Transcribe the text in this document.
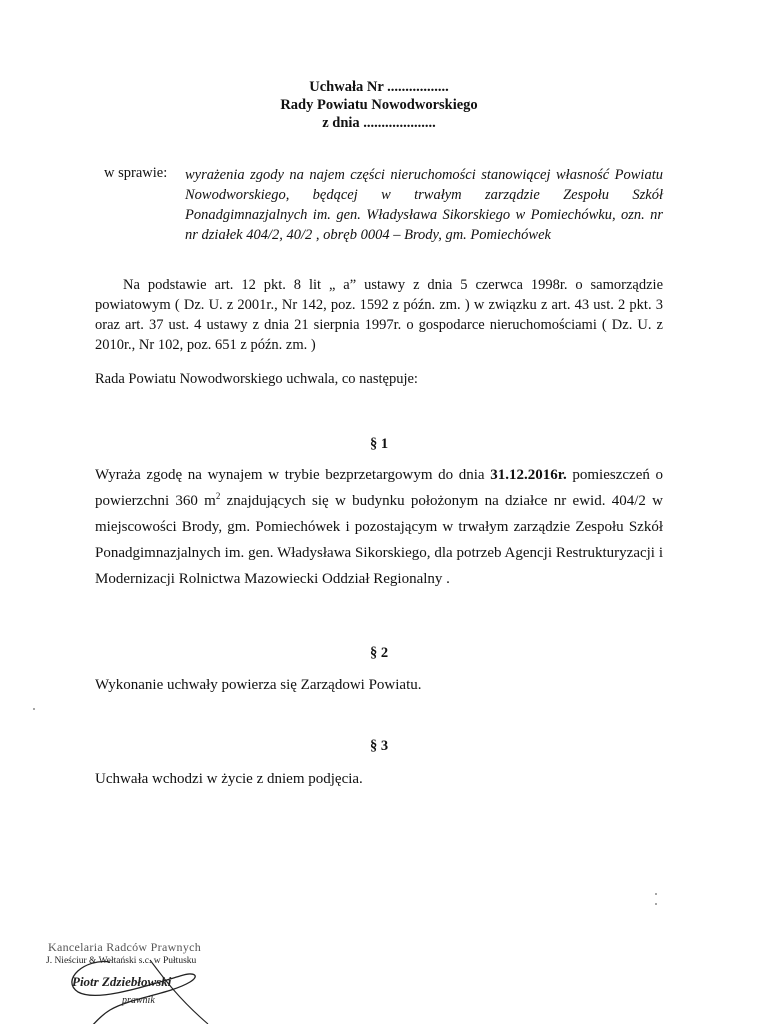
Uchwała Nr .................
Rady Powiatu Nowodworskiego
z dnia ....................
w sprawie: wyrażenia zgody na najem części nieruchomości stanowiącej własność Powiatu Nowodworskiego, będącej w trwałym zarządzie Zespołu Szkół Ponadgimnazjalnych im. gen. Władysława Sikorskiego w Pomiechówku, ozn. nr nr działek 404/2, 40/2 , obręb 0004 – Brody, gm. Pomiechówek
Na podstawie art. 12 pkt. 8 lit „ a” ustawy z dnia 5 czerwca 1998r. o samorządzie powiatowym ( Dz. U. z 2001r., Nr 142, poz. 1592 z późn. zm. ) w związku z art. 43 ust. 2 pkt. 3 oraz art. 37 ust. 4 ustawy z dnia 21 sierpnia 1997r. o gospodarce nieruchomościami ( Dz. U. z 2010r., Nr 102, poz. 651 z późn. zm. )
Rada Powiatu Nowodworskiego uchwala, co następuje:
§ 1
Wyraża zgodę na wynajem w trybie bezprzetargowym do dnia 31.12.2016r. pomieszczeń o powierzchni 360 $m^2$ znajdujących się w budynku położonym na działce nr ewid. 404/2 w miejscowości Brody, gm. Pomiechówek i pozostającym w trwałym zarządzie Zespołu Szkół Ponadgimnazjalnych im. gen. Władysława Sikorskiego, dla potrzeb Agencji Restrukturyzacji i Modernizacji Rolnictwa Mazowiecki Oddział Regionalny .
§ 2
Wykonanie uchwały powierza się Zarządowi Powiatu.
§ 3
Uchwała wchodzi w życie z dniem podjęcia.
Kancelaria Radców Prawnych
J. Nieściur & Wełtański s.c. w Pułtusku
Piotr Zdziebłowski
prawnik
